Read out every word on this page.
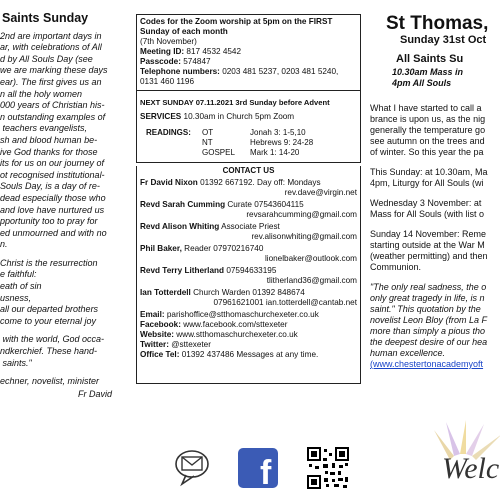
Saints Sunday

2nd are important days in
ar, with celebrations of All
d by All Souls Day (see
we are marking these days
ear). The first gives us an
n all the holy women
000 years of Christian his-
n outstanding examples of
teachers evangelists,
sh and blood human be-
ive God thanks for those
its for us on our journey of
ot recognised institutional-
Souls Day, is a day of re-
dead especially those who
and love have nurtured us
pportunity too to pray for
ed unmourned and with no
n.

Christ is the resurrection
e faithful:
eath of sin
usness,
all our departed brothers
come to your eternal joy

with the world, God occa-
ndkerchief. These hand-
saints."

echner, novelist, minister

Fr David
Codes for the Zoom worship at 5pm on the FIRST Sunday of each month
(7th November)
Meeting ID: 817 4532 4542
Passcode: 574847
Telephone numbers: 0203 481 5237, 0203 481 5240, 0131 460 1196
NEXT SUNDAY 07.11.2021 3rd Sunday before Advent
SERVICES 10.30am in Church 5pm Zoom
READINGS:	OT	Jonah 3: 1-5,10
NT	Hebrews 9: 24-28
GOSPEL	Mark 1: 14-20
CONTACT US
Fr David Nixon 01392 667192. Day off: Mondays
rev.dave@virgin.net
Revd Sarah Cumming Curate 07543604115
revsarahcumming@gmail.com
Revd Alison Whiting Associate Priest
rev.alisonwhiting@gmail.com
Phil Baker, Reader 07970216740
lionelbaker@outlook.com
Revd Terry Litherland 07594633195
tlitherland36@gmail.com
Ian Totterdell Church Warden 01392 848674
07961621001 ian.totterdell@cantab.net
Email: parishoffice@stthomaschurchexeter.co.uk
Facebook: www.facebook.com/sttexeter
Website: www.stthomaschurchexeter.co.uk
Twitter: @sttexeter
Office Tel: 01392 437486 Messages at any time.
f
St Thomas,
Sunday 31st Oct
All Saints Su
10.30am Mass in
4pm All Souls
What I have started to call a
brance is upon us, as the nig
generally the temperature go
see autumn on the trees and
of winter. So this year the pa
This Sunday: at 10.30am, Ma
4pm, Liturgy for All Souls (wi
Wednesday 3 November: at
Mass for All Souls (with list o
Sunday 14 November: Reme
starting outside at the War M
(weather permitting) and then
Communion.
"The only real sadness, the o
only great tragedy in life, is n
saint." This quotation by the
novelist Leon Bloy (from La F
more than simply a pious tho
the deepest desire of our hea
human excellence.
(www.chestertonacademyoft
Welc
